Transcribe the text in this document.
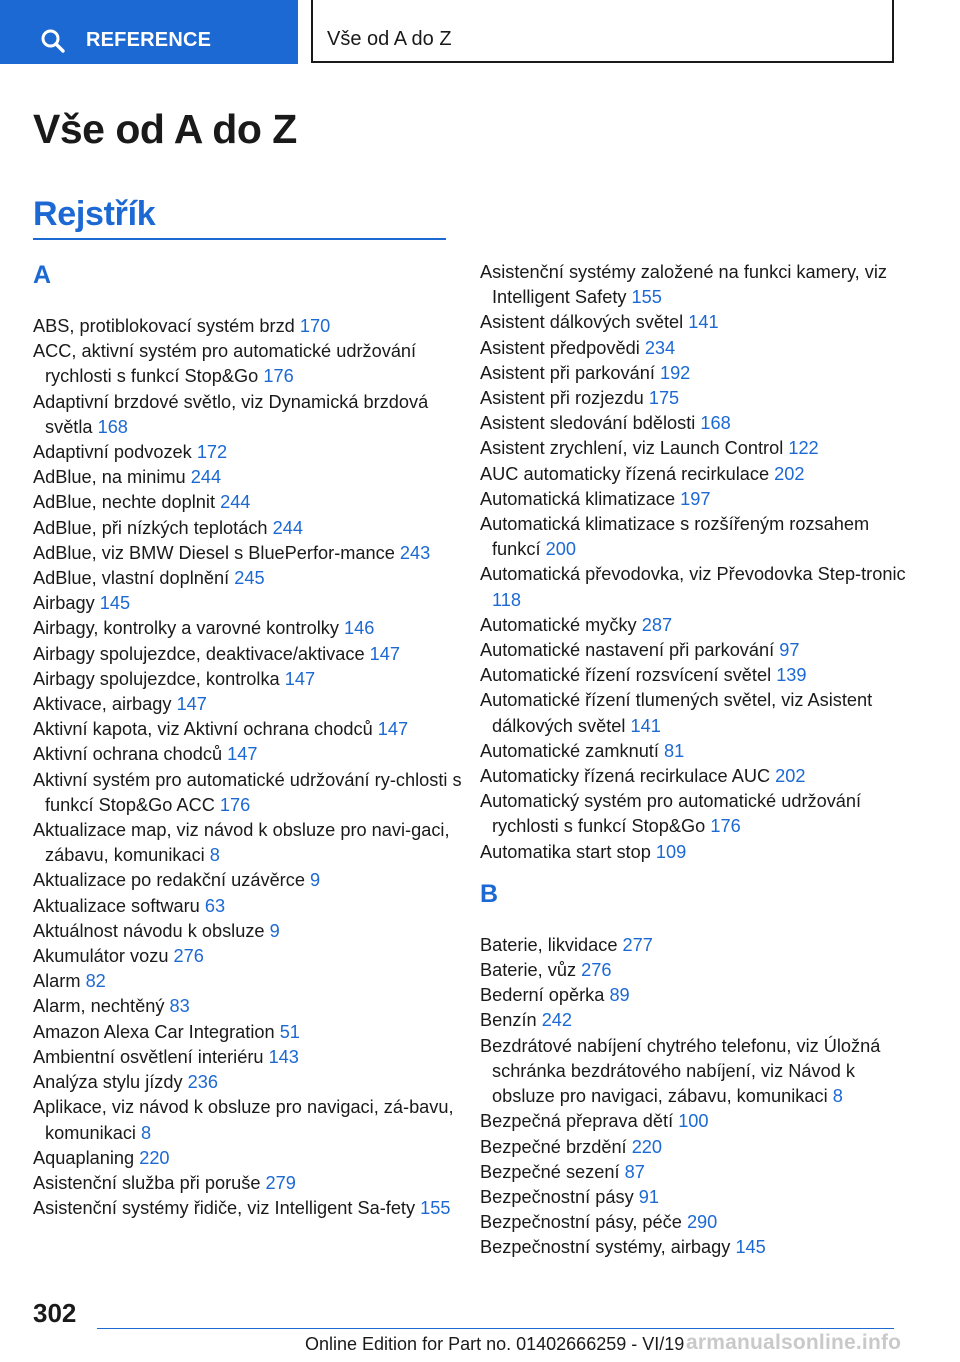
REFERENCE	Vše od A do Z
Vše od A do Z
Rejstřík
A
ABS, protiblokovací systém brzd 170
ACC, aktivní systém pro automatické udržování rychlosti s funkcí Stop&Go 176
Adaptivní brzdové světlo, viz Dynamická brzdová světla 168
Adaptivní podvozek 172
AdBlue, na minimu 244
AdBlue, nechte doplnit 244
AdBlue, při nízkých teplotách 244
AdBlue, viz BMW Diesel s BluePerfor‐mance 243
AdBlue, vlastní doplnění 245
Airbagy 145
Airbagy, kontrolky a varovné kontrolky 146
Airbagy spolujezdce, deaktivace/aktivace 147
Airbagy spolujezdce, kontrolka 147
Aktivace, airbagy 147
Aktivní kapota, viz Aktivní ochrana chodců 147
Aktivní ochrana chodců 147
Aktivní systém pro automatické udržování ry‐chlosti s funkcí Stop&Go ACC 176
Aktualizace map, viz návod k obsluze pro navi‐gaci, zábavu, komunikaci 8
Aktualizace po redakční uzávěrce 9
Aktualizace softwaru 63
Aktuálnost návodu k obsluze 9
Akumulátor vozu 276
Alarm 82
Alarm, nechtěný 83
Amazon Alexa Car Integration 51
Ambientní osvětlení interiéru 143
Analýza stylu jízdy 236
Aplikace, viz návod k obsluze pro navigaci, zá‐bavu, komunikaci 8
Aquaplaning 220
Asistenční služba při poruše 279
Asistenční systémy řidiče, viz Intelligent Sa‐fety 155
Asistenční systémy založené na funkci kamery, viz Intelligent Safety 155
Asistent dálkových světel 141
Asistent předpovědi 234
Asistent při parkování 192
Asistent při rozjezdu 175
Asistent sledování bdělosti 168
Asistent zrychlení, viz Launch Control 122
AUC automaticky řízená recirkulace 202
Automatická klimatizace 197
Automatická klimatizace s rozšířeným rozsahem funkcí 200
Automatická převodovka, viz Převodovka Step‐tronic 118
Automatické myčky 287
Automatické nastavení při parkování 97
Automatické řízení rozsvícení světel 139
Automatické řízení tlumených světel, viz Asistent dálkových světel 141
Automatické zamknutí 81
Automaticky řízená recirkulace AUC 202
Automatický systém pro automatické udržování rychlosti s funkcí Stop&Go 176
Automatika start stop 109
B
Baterie, likvidace 277
Baterie, vůz 276
Bederní opěrka 89
Benzín 242
Bezdrátové nabíjení chytrého telefonu, viz Úložná schránka bezdrátového nabíjení, viz Návod k obsluze pro navigaci, zábavu, komunikaci 8
Bezpečná přeprava dětí 100
Bezpečné brzdění 220
Bezpečné sezení 87
Bezpečnostní pásy 91
Bezpečnostní pásy, péče 290
Bezpečnostní systémy, airbagy 145
302
Online Edition for Part no. 01402666259 - VI/19 armanualsonline.info
